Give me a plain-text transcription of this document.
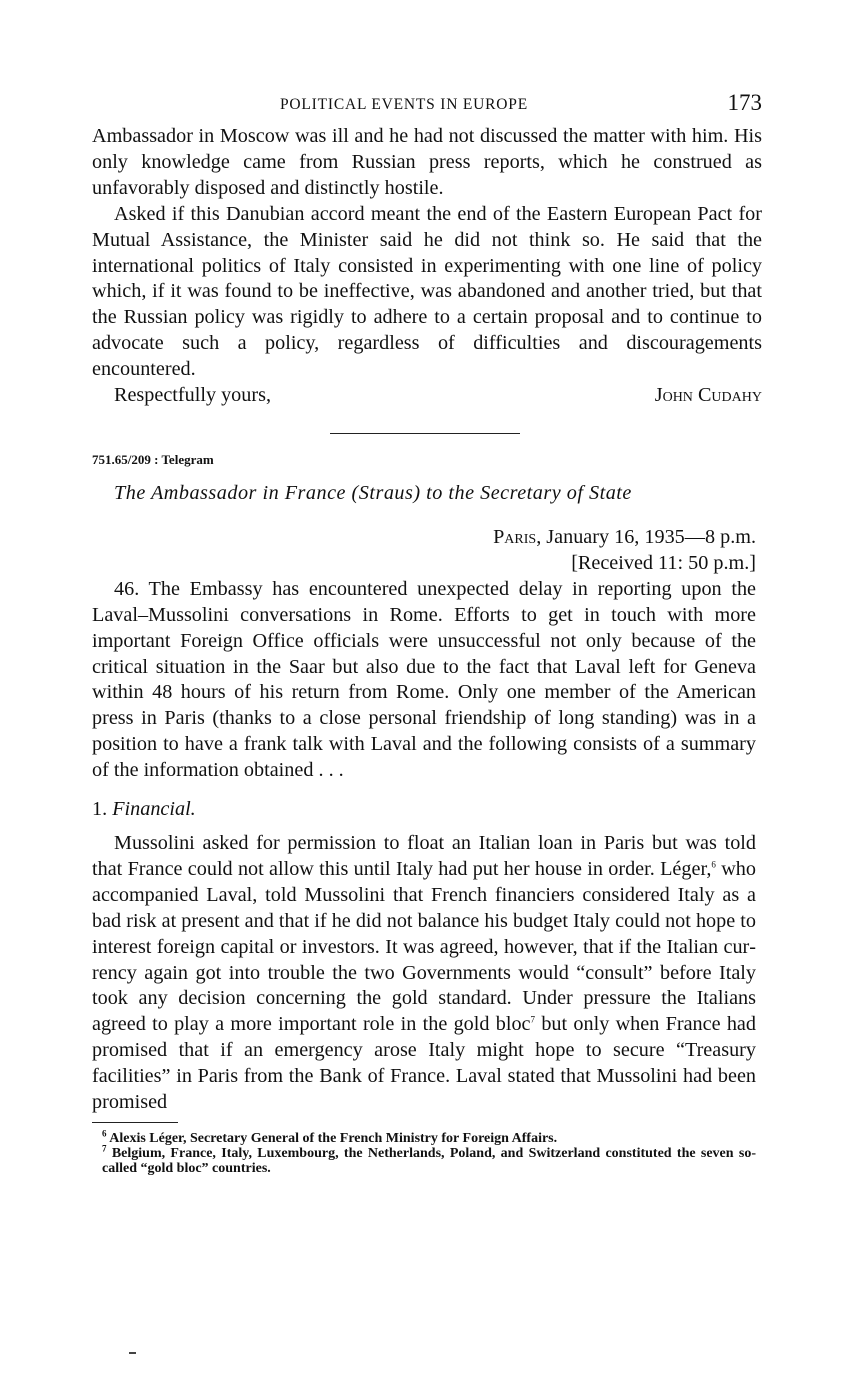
POLITICAL EVENTS IN EUROPE	173

Ambassador in Moscow was ill and he had not discussed the matter with him. His only knowledge came from Russian press reports, which he construed as unfavorably disposed and distinctly hostile.

Asked if this Danubian accord meant the end of the Eastern European Pact for Mutual Assistance, the Minister said he did not think so. He said that the international politics of Italy consisted in experimenting with one line of policy which, if it was found to be ineffective, was abandoned and another tried, but that the Russian policy was rigidly to adhere to a certain proposal and to continue to advocate such a policy, regardless of difficulties and discouragements encountered.

Respectfully yours,	John Cudahy
751.65/209 : Telegram
The Ambassador in France (Straus) to the Secretary of State
Paris, January 16, 1935—8 p.m.
[Received 11: 50 p.m.]

46. The Embassy has encountered unexpected delay in reporting upon the Laval–Mussolini conversations in Rome. Efforts to get in touch with more important Foreign Office officials were unsuccessful not only because of the critical situation in the Saar but also due to the fact that Laval left for Geneva within 48 hours of his return from Rome. Only one member of the American press in Paris (thanks to a close personal friendship of long standing) was in a position to have a frank talk with Laval and the following consists of a summary of the information obtained . . .

1. Financial.

Mussolini asked for permission to float an Italian loan in Paris but was told that France could not allow this until Italy had put her house in order. Léger,$^6$ who accompanied Laval, told Mussolini that French financiers considered Italy as a bad risk at present and that if he did not balance his budget Italy could not hope to interest foreign capital or investors. It was agreed, however, that if the Italian currency again got into trouble the two Governments would “consult” before Italy took any decision concerning the gold standard. Under pressure the Italians agreed to play a more important role in the gold bloc$^7$ but only when France had promised that if an emergency arose Italy might hope to secure “Treasury facilities” in Paris from the Bank of France. Laval stated that Mussolini had been promised

$^6$ Alexis Léger, Secretary General of the French Ministry for Foreign Affairs.

$^7$ Belgium, France, Italy, Luxembourg, the Netherlands, Poland, and Switzerland constituted the seven so-called “gold bloc” countries.
